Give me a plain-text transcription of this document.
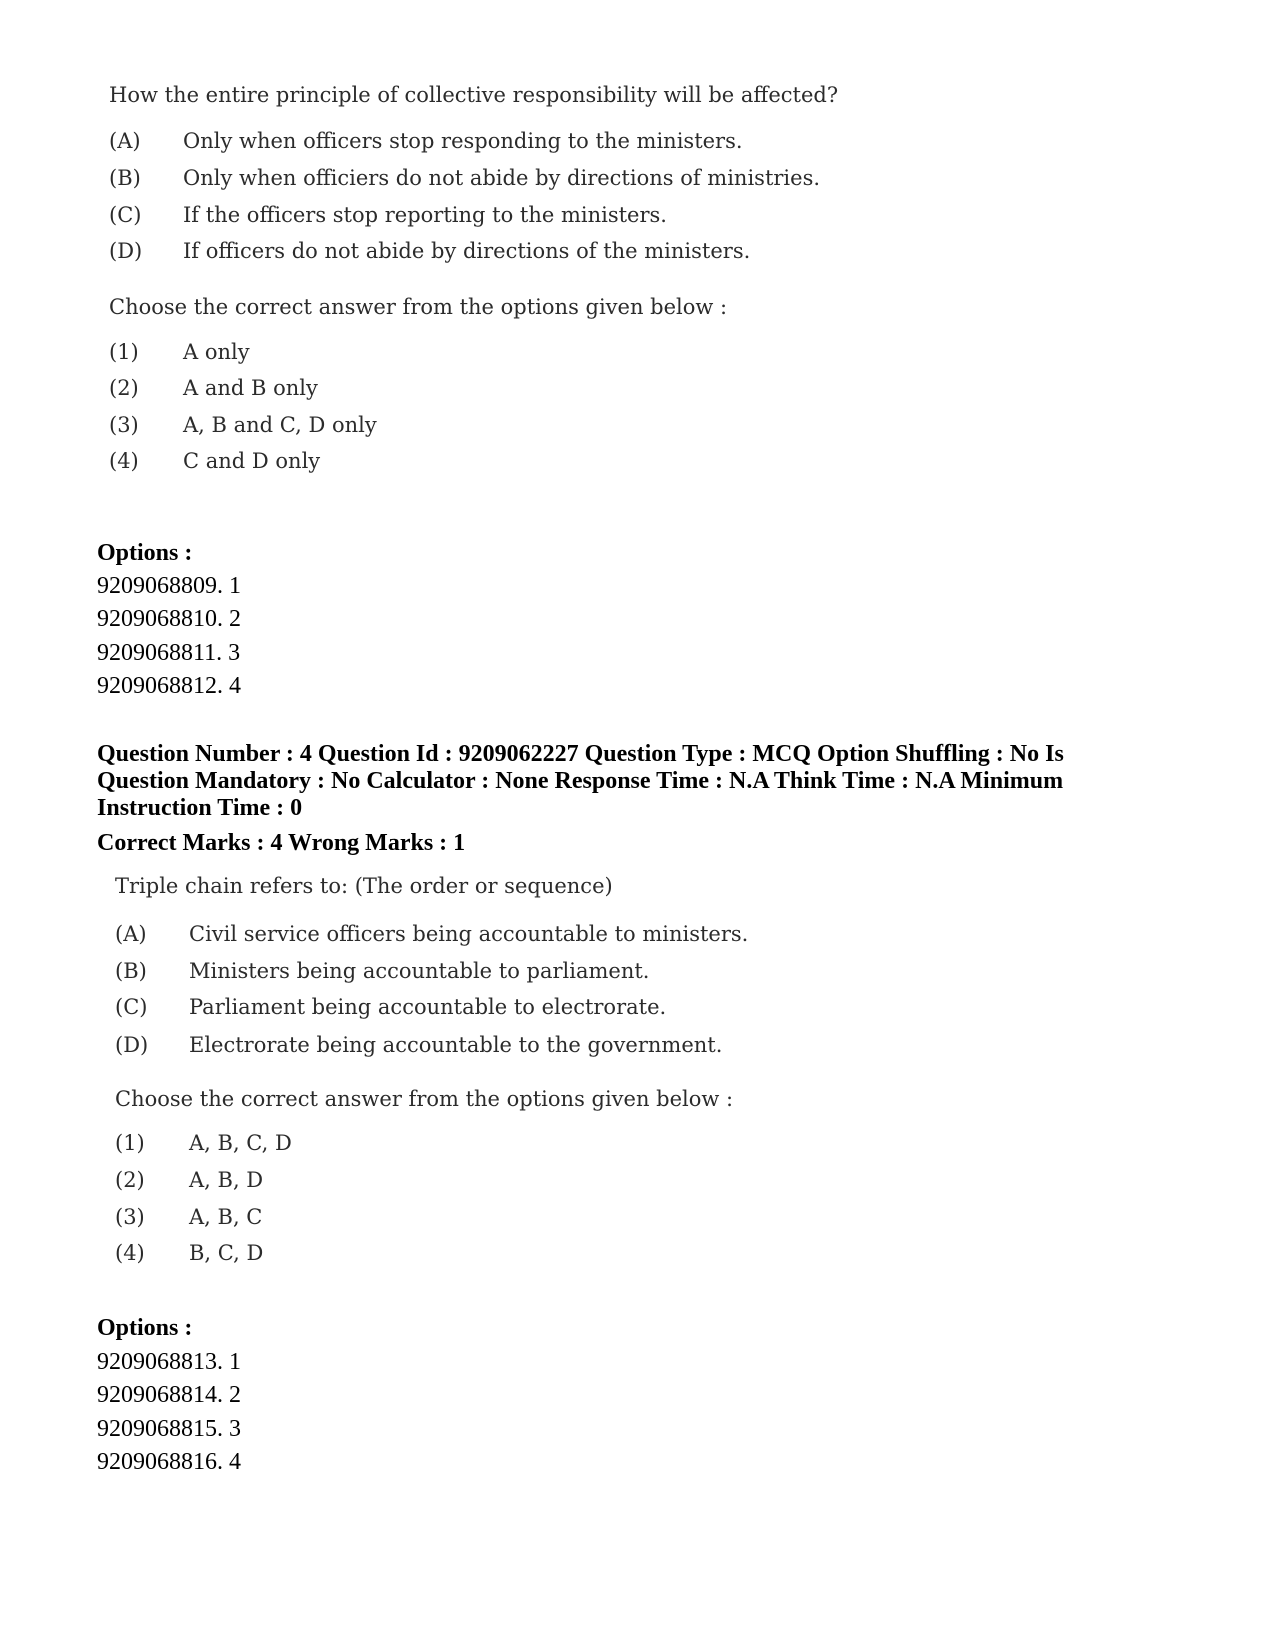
How the entire principle of collective responsibility will be affected?
(A)	Only when officers stop responding to the ministers.
(B)	Only when officiers do not abide by directions of ministries.
(C)	If the officers stop reporting to the ministers.
(D)	If officers do not abide by directions of the ministers.
Choose the correct answer from the options given below :
(1)	A only
(2)	A and B only
(3)	A, B and C, D only
(4)	C and D only
Options :
9209068809. 1
9209068810. 2
9209068811. 3
9209068812. 4
Question Number : 4 Question Id : 9209062227 Question Type : MCQ Option Shuffling : No Is
Question Mandatory : No Calculator : None Response Time : N.A Think Time : N.A Minimum
Instruction Time : 0
Correct Marks : 4 Wrong Marks : 1
Triple chain refers to: (The order or sequence)
(A)	Civil service officers being accountable to ministers.
(B)	Ministers being accountable to parliament.
(C)	Parliament being accountable to electrorate.
(D)	Electrorate being accountable to the government.
Choose the correct answer from the options given below :
(1)	A, B, C, D
(2)	A, B, D
(3)	A, B, C
(4)	B, C, D
Options :
9209068813. 1
9209068814. 2
9209068815. 3
9209068816. 4
